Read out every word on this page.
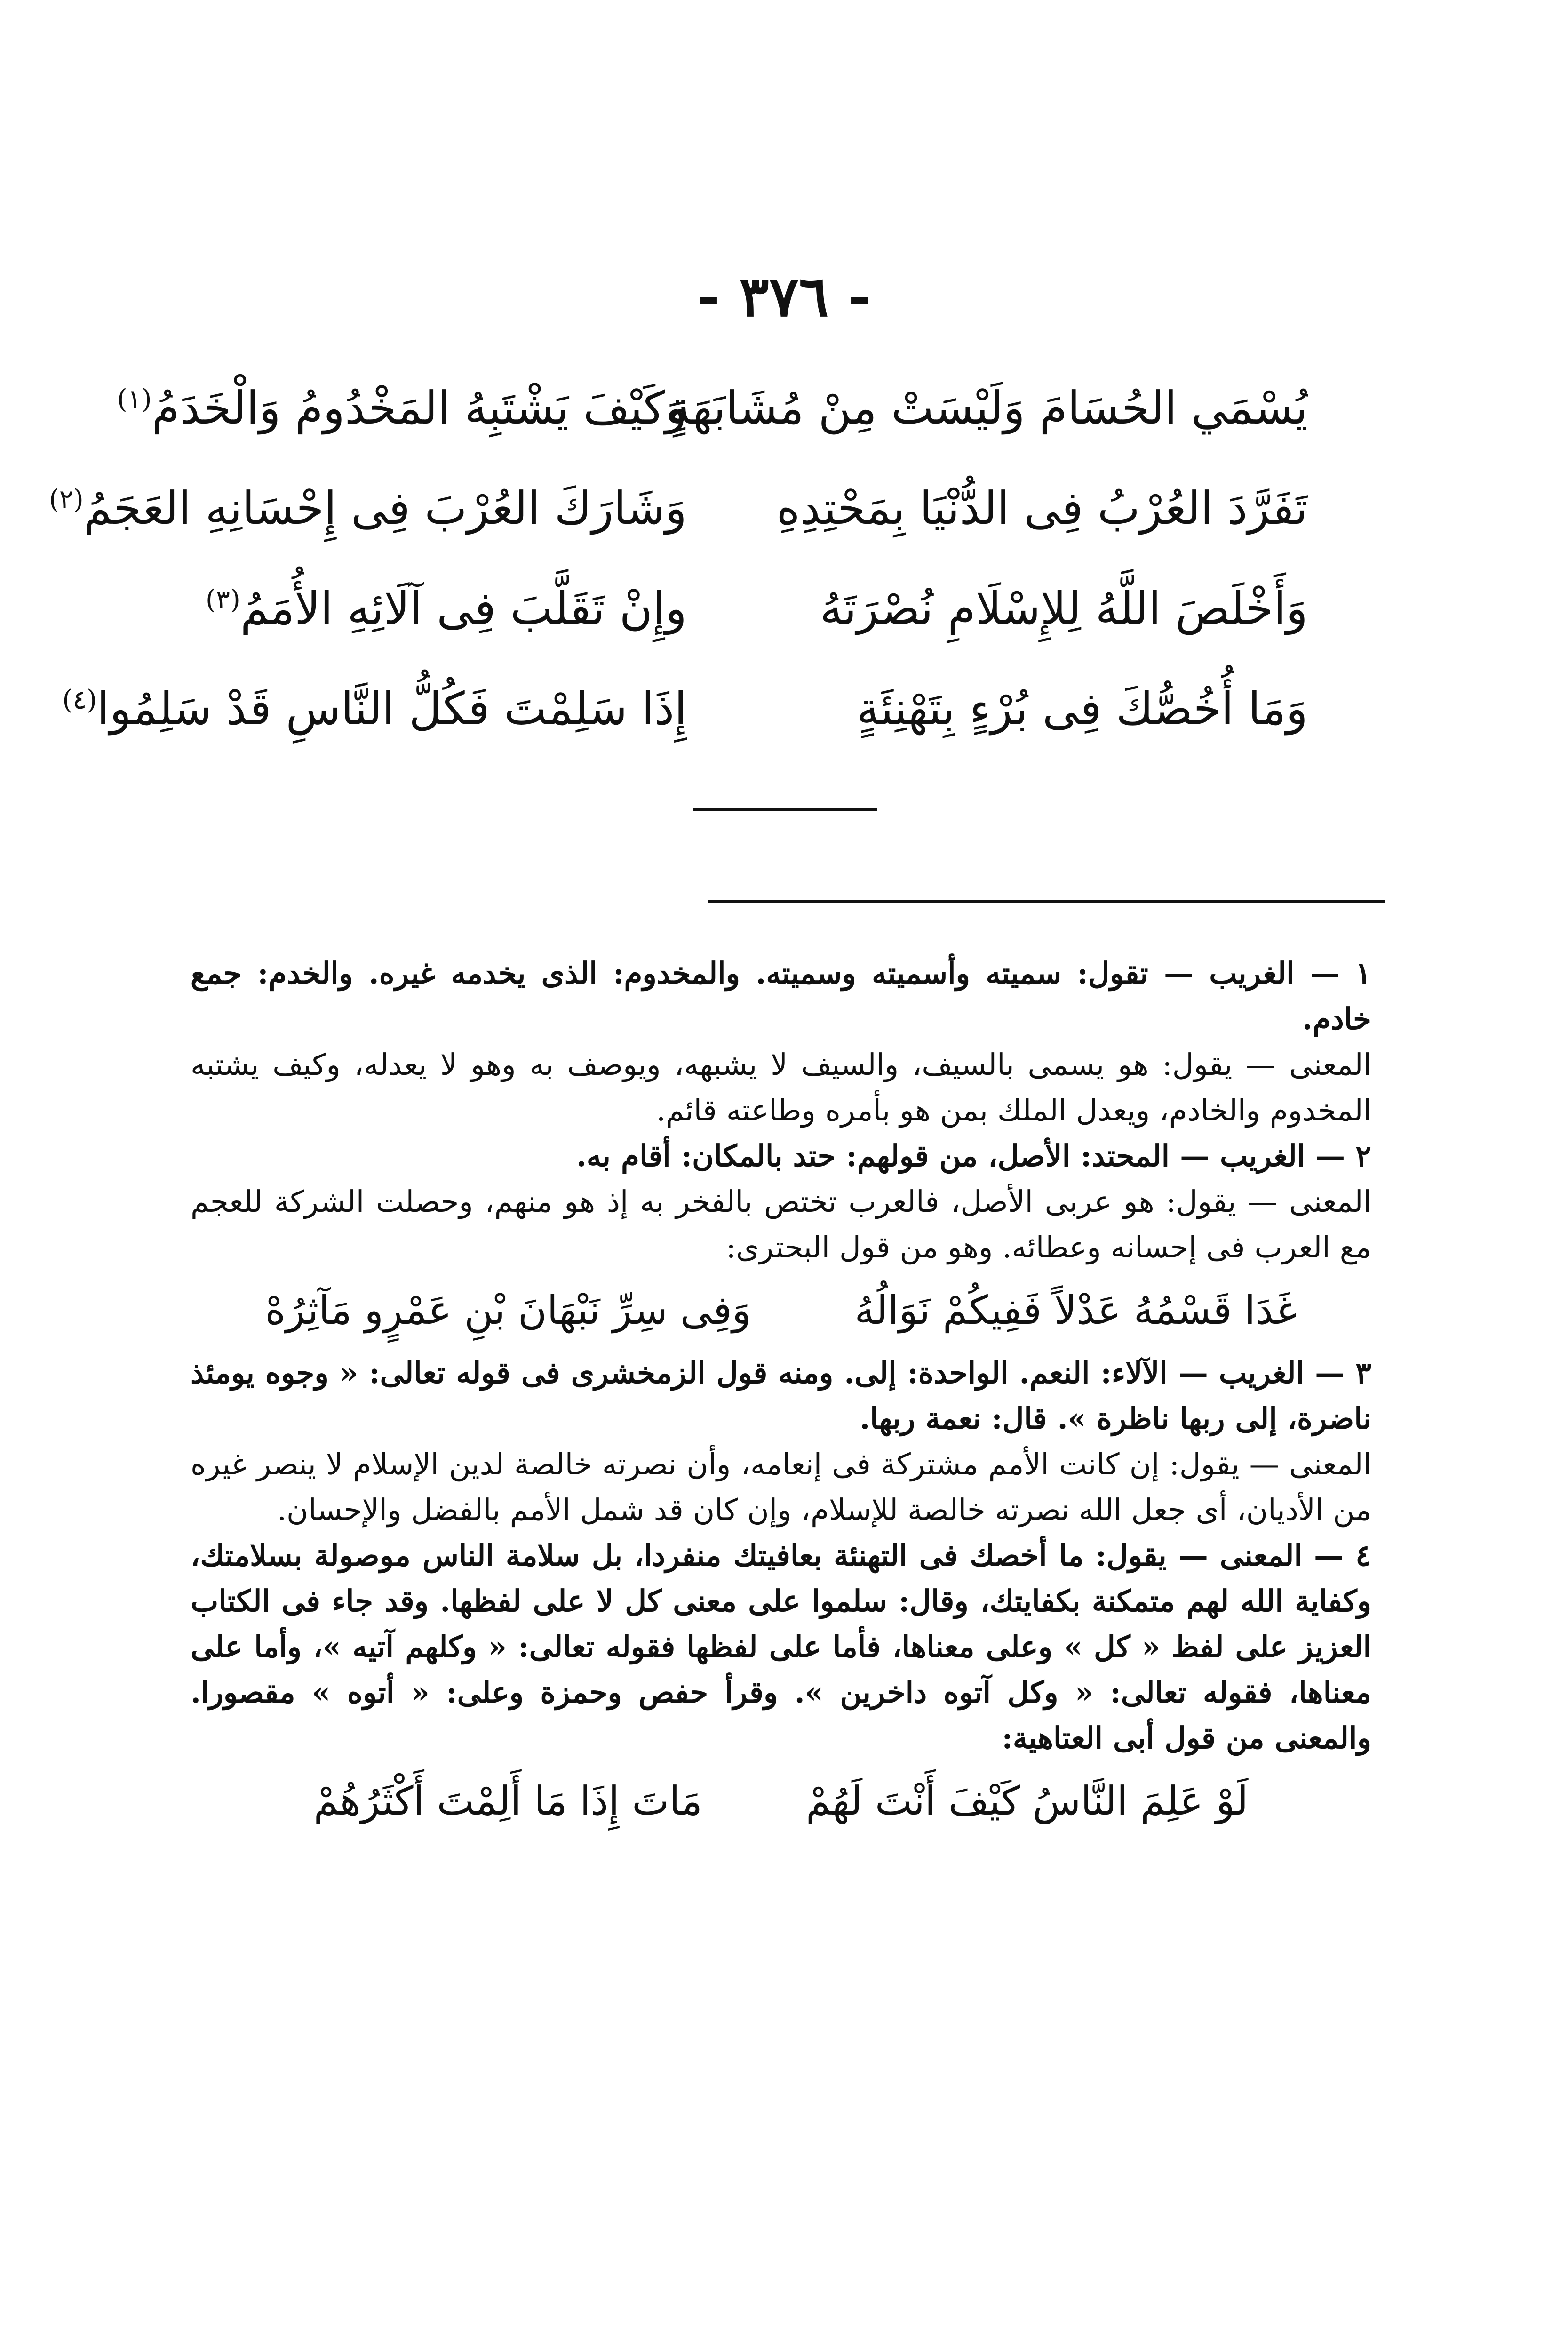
- ٣٧٦ -
يُسْمَي الحُسَامَ وَلَيْسَتْ مِنْ مُشَابَهَةٍ
وَكَيْفَ يَشْتَبِهُ المَخْدُومُ وَالْخَدَمُ$^{(١)}$
تَفَرَّدَ العُرْبُ فِى الدُّنْيَا بِمَحْتِدِهِ
وَشَارَكَ العُرْبَ فِى إِحْسَانِهِ العَجَمُ$^{(٢)}$
وَأَخْلَصَ اللَّهُ لِلإِسْلَامِ نُصْرَتَهُ
وإِنْ تَقَلَّبَ فِى آلَائِهِ الأُمَمُ$^{(٣)}$
وَمَا أُخُصُّكَ فِى بُرْءٍ بِتَهْنِئَةٍ
إِذَا سَلِمْتَ فَكُلُّ النَّاسِ قَدْ سَلِمُوا$^{(٤)}$

١ — الغريب — تقول: سميته وأسميته وسميته. والمخدوم: الذى يخدمه غيره. والخدم: جمع خادم.

المعنى — يقول: هو يسمى بالسيف، والسيف لا يشبهه، ويوصف به وهو لا يعدله، وكيف يشتبه المخدوم والخادم، ويعدل الملك بمن هو بأمره وطاعته قائم.

٢ — الغريب — المحتد: الأصل، من قولهم: حتد بالمكان: أقام به.

المعنى — يقول: هو عربى الأصل، فالعرب تختص بالفخر به إذ هو منهم، وحصلت الشركة للعجم مع العرب فى إحسانه وعطائه. وهو من قول البحترى:

غَدَا قَسْمُهُ عَدْلاً فَفِيكُمْ نَوَالُهُ
وَفِى سِرِّ نَبْهَانَ بْنِ عَمْرٍو مَآثِرُهْ

٣ — الغريب — الآلاء: النعم. الواحدة: إلى. ومنه قول الزمخشرى فى قوله تعالى: « وجوه يومئذ ناضرة، إلى ربها ناظرة ». قال: نعمة ربها.

المعنى — يقول: إن كانت الأمم مشتركة فى إنعامه، وأن نصرته خالصة لدين الإسلام لا ينصر غيره من الأديان، أى جعل الله نصرته خالصة للإسلام، وإن كان قد شمل الأمم بالفضل والإحسان.

٤ — المعنى — يقول: ما أخصك فى التهنئة بعافيتك منفردا، بل سلامة الناس موصولة بسلامتك، وكفاية الله لهم متمكنة بكفايتك، وقال: سلموا على معنى كل لا على لفظها. وقد جاء فى الكتاب العزيز على لفظ « كل » وعلى معناها، فأما على لفظها فقوله تعالى: « وكلهم آتيه »، وأما على معناها، فقوله تعالى: « وكل آتوه داخرين ». وقرأ حفص وحمزة وعلى: « أتوه » مقصورا. والمعنى من قول أبى العتاهية:

لَوْ عَلِمَ النَّاسُ كَيْفَ أَنْتَ لَهُمْ
مَاتَ إِذَا مَا أَلِمْتَ أَكْثَرُهُمْ
